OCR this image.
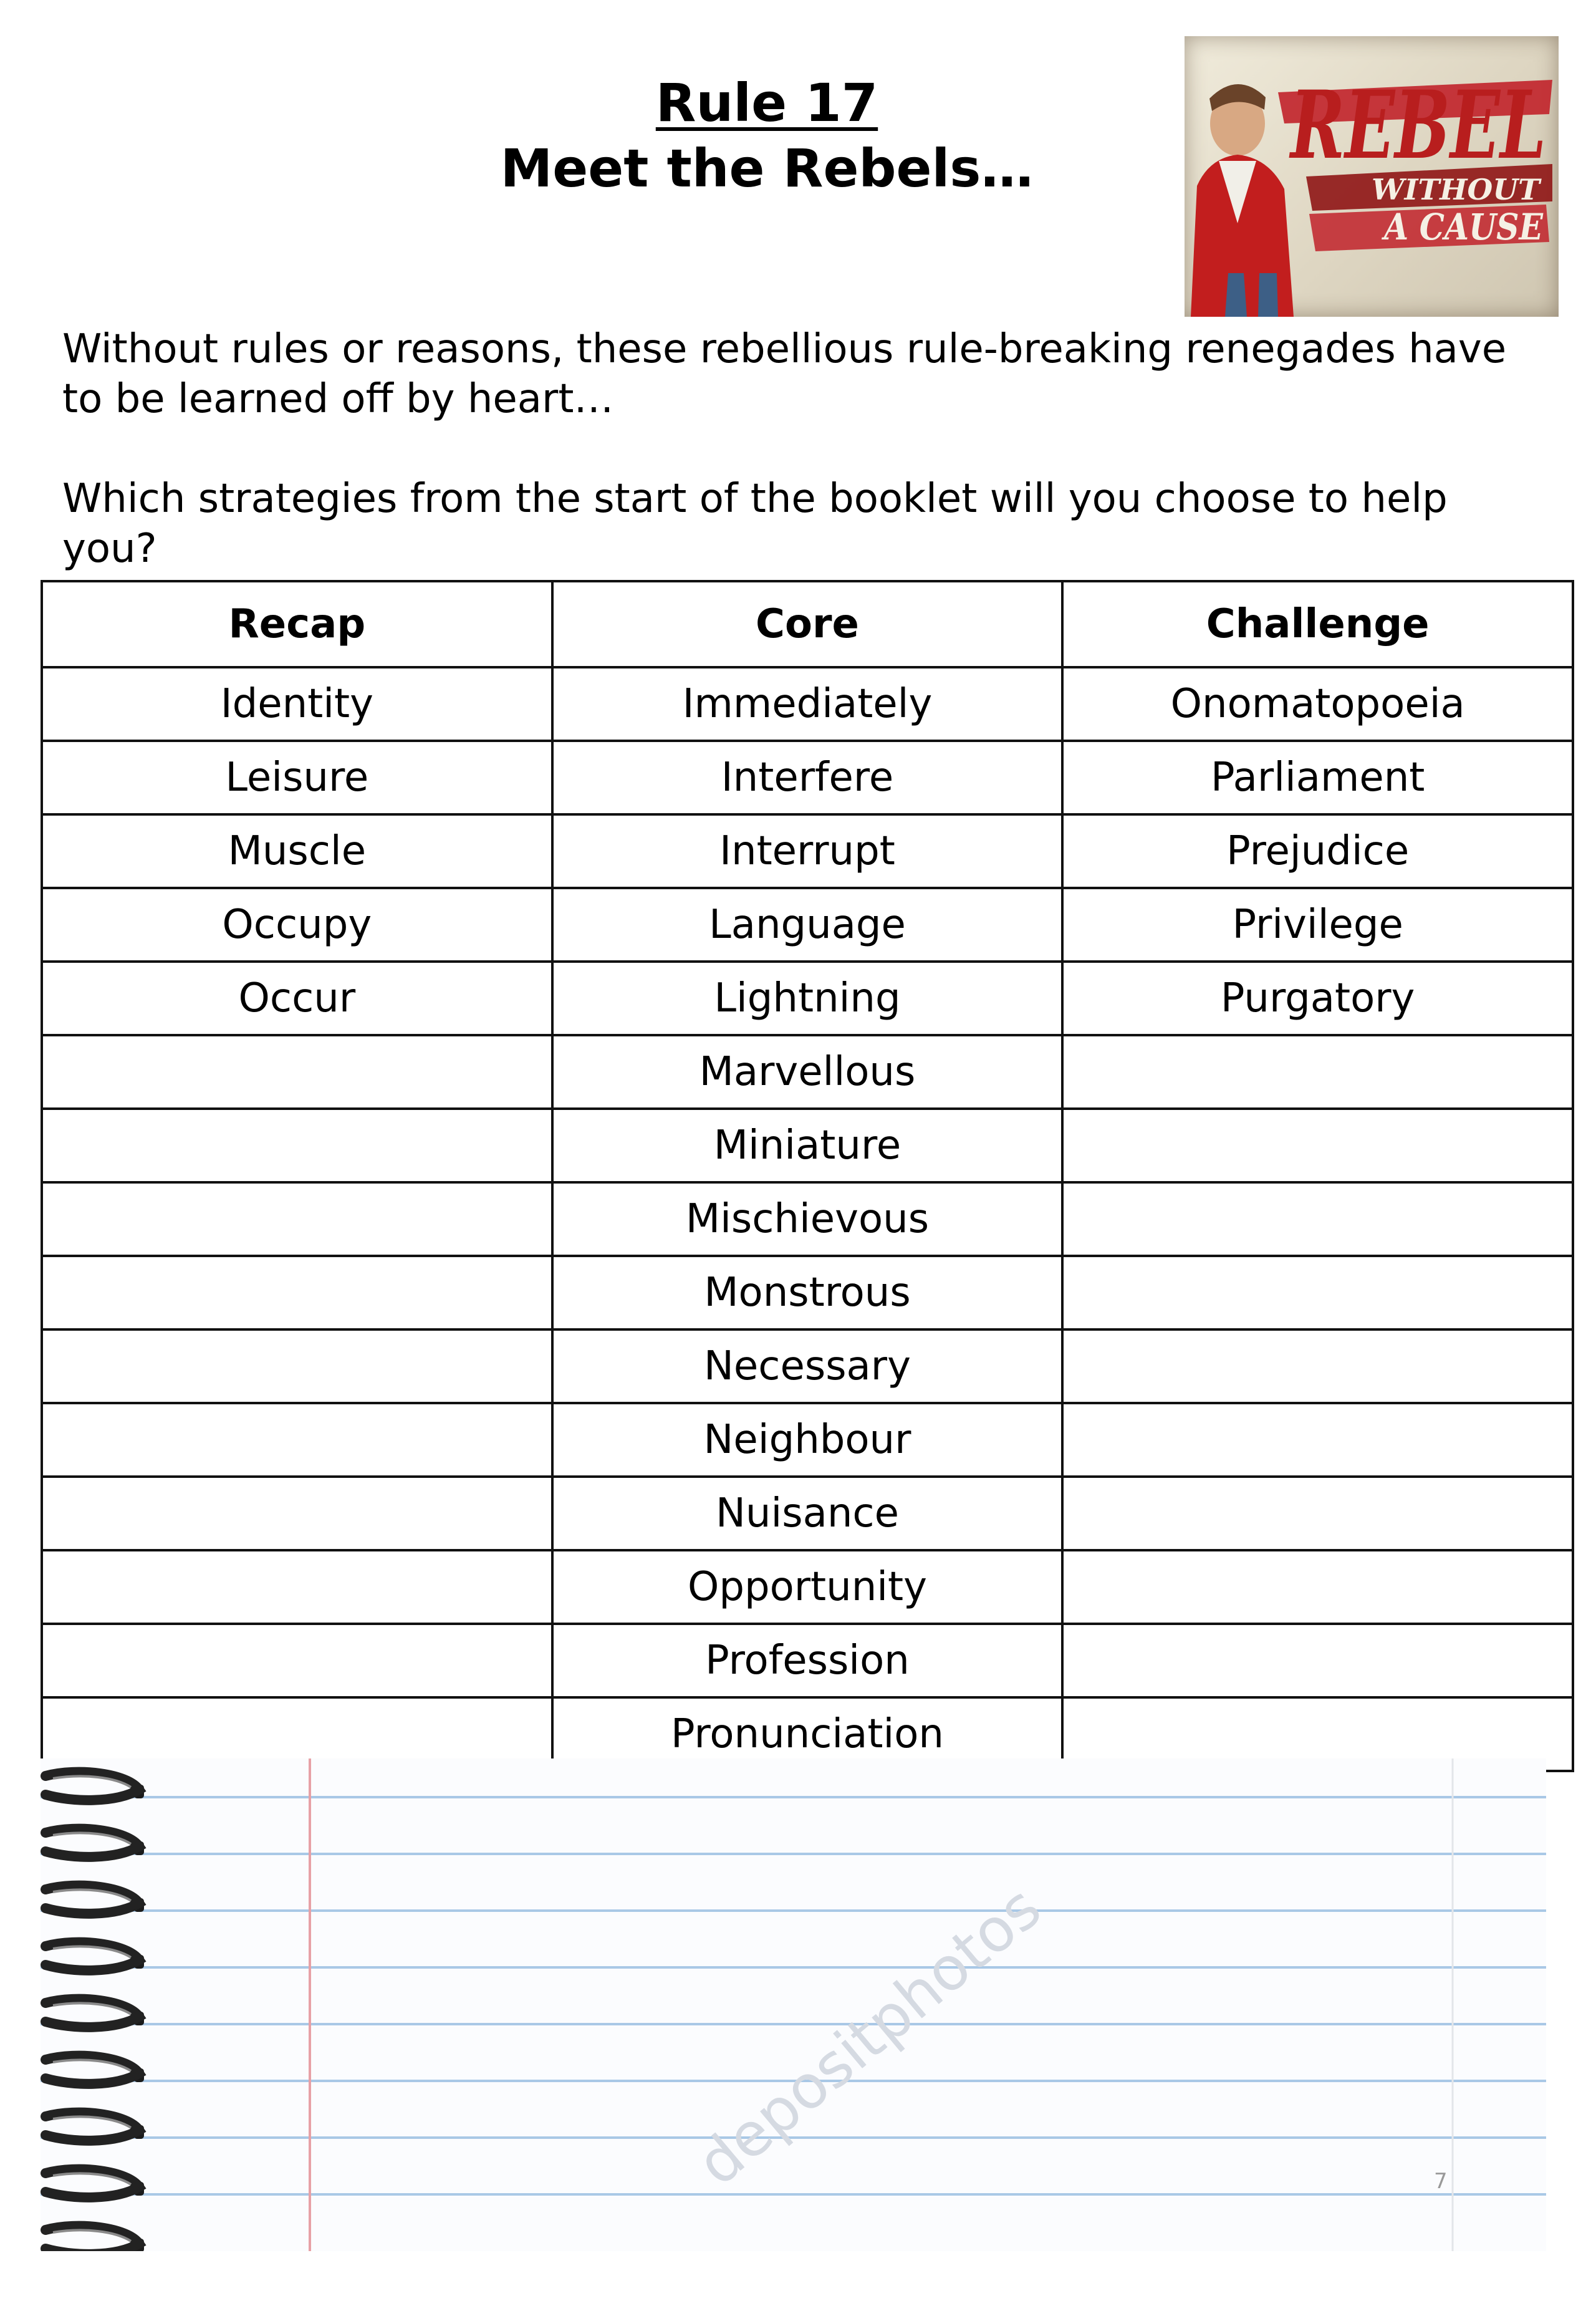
Rule 17
Meet the Rebels…	REBEL
WITHOUT
A CAUSE

Without rules or reasons, these rebellious rule-breaking renegades have to be learned off by heart…

Which strategies from the start of the booklet will you choose to help you?

Recap	Core	Challenge
Identity	Immediately	Onomatopoeia
Leisure	Interfere	Parliament
Muscle	Interrupt	Prejudice
Occupy	Language	Privilege
Occur	Lightning	Purgatory
	Marvellous	
	Miniature	
	Mischievous	
	Monstrous	
	Necessary	
	Neighbour	
	Nuisance	
	Opportunity	
	Profession	
	Pronunciation	
depositphotos	7
